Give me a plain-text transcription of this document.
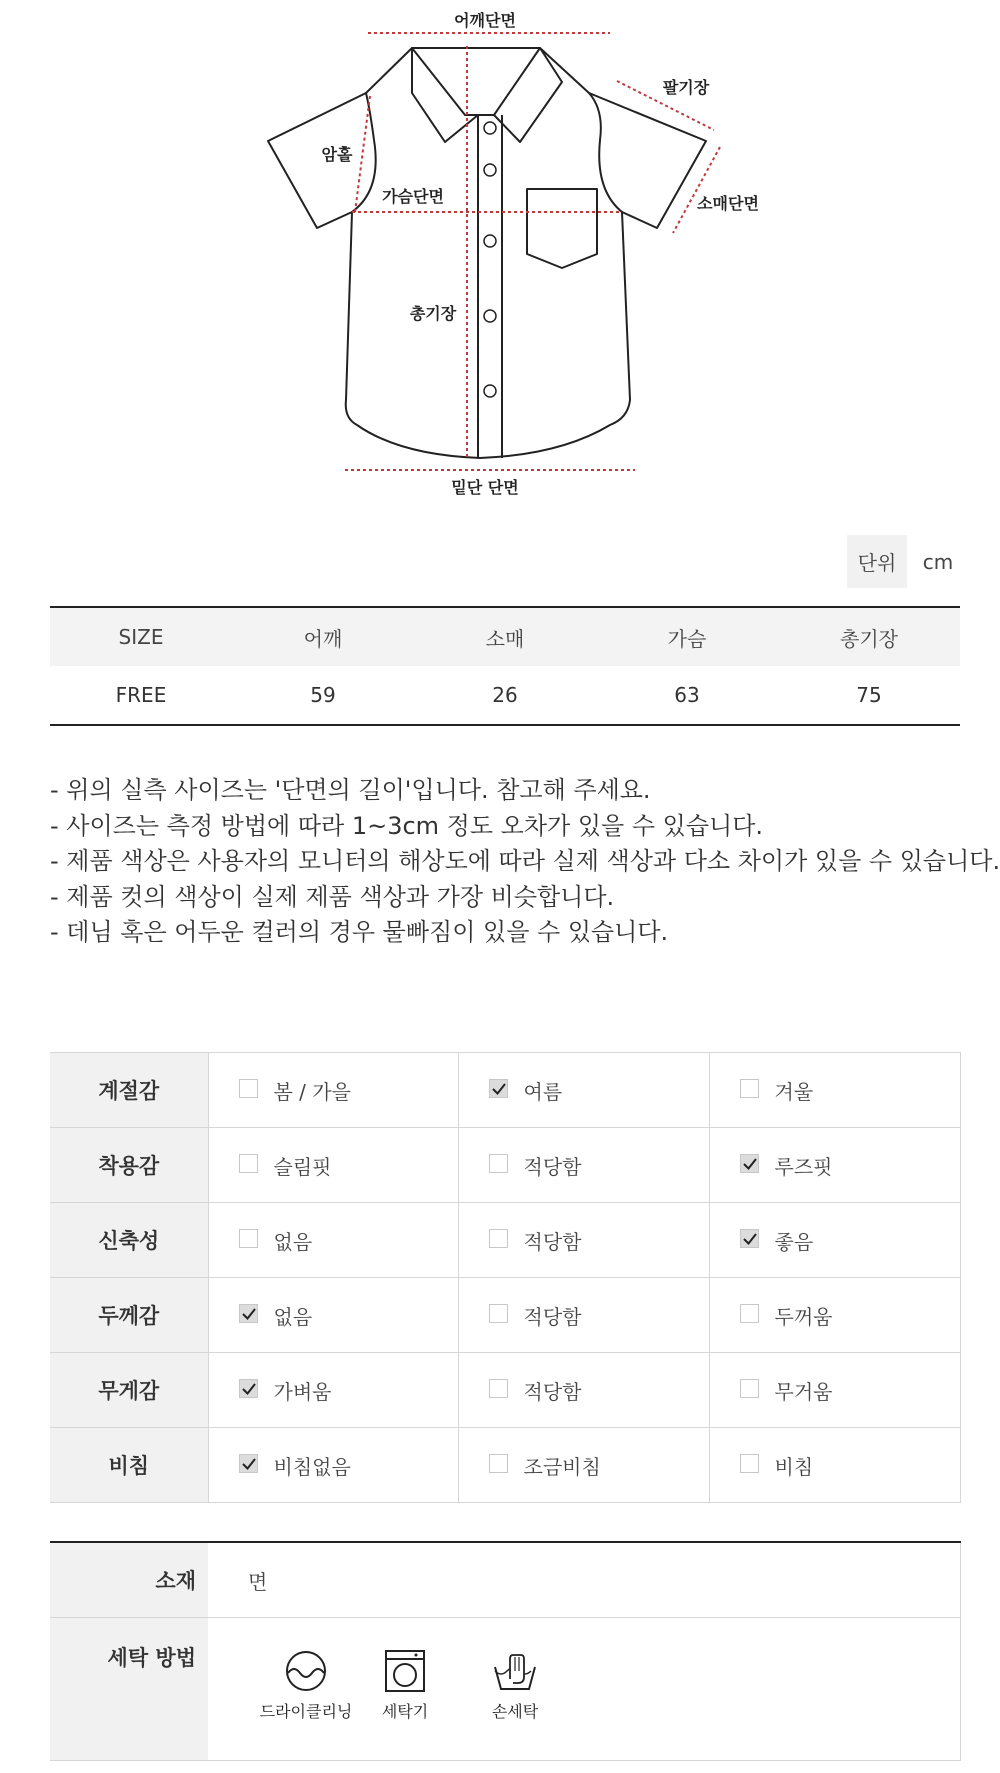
어깨단면
팔기장
암홀
가슴단면	소매단면
총기장
밑단 단면
단위	cm
SIZE	어깨	소매	가슴	총기장
FREE	59	26	63	75
- 위의 실측 사이즈는 '단면의 길이'입니다. 참고해 주세요.
- 사이즈는 측정 방법에 따라 1~3cm 정도 오차가 있을 수 있습니다.
- 제품 색상은 사용자의 모니터의 해상도에 따라 실제 색상과 다소 차이가 있을 수 있습니다.
- 제품 컷의 색상이 실제 제품 색상과 가장 비슷합니다.
- 데님 혹은 어두운 컬러의 경우 물빠짐이 있을 수 있습니다.
계절감	봄 / 가을	여름	겨울
착용감	슬림핏	적당함	루즈핏
신축성	없음	적당함	좋음
두께감	없음	적당함	두꺼움
무게감	가벼움	적당함	무거움
비침	비침없음	조금비침	비침
소재	면
세탁 방법	드라이클리닝 세탁기 손세탁
